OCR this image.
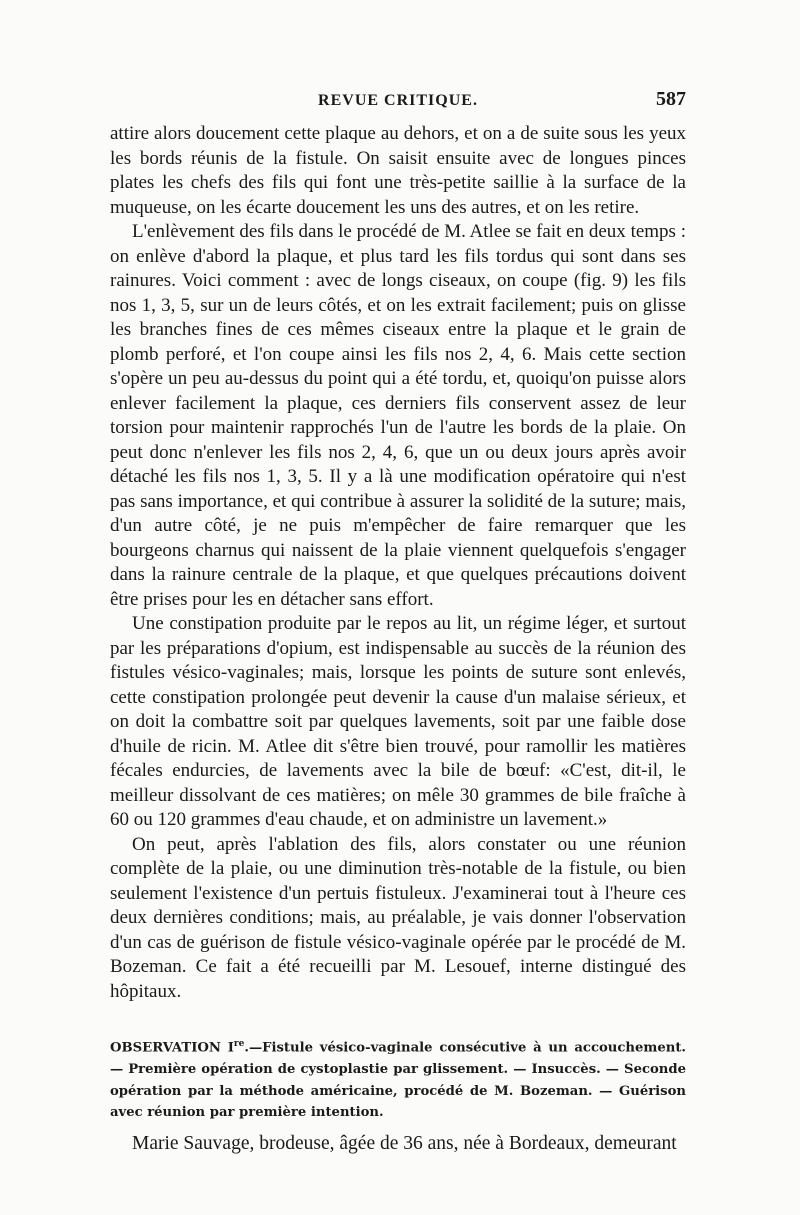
REVUE CRITIQUE.	587

attire alors doucement cette plaque au dehors, et on a de suite sous les yeux les bords réunis de la fistule. On saisit ensuite avec de longues pinces plates les chefs des fils qui font une très-petite saillie à la surface de la muqueuse, on les écarte doucement les uns des autres, et on les retire.

L'enlèvement des fils dans le procédé de M. Atlee se fait en deux temps : on enlève d'abord la plaque, et plus tard les fils tordus qui sont dans ses rainures. Voici comment : avec de longs ciseaux, on coupe (fig. 9) les fils nos 1, 3, 5, sur un de leurs côtés, et on les extrait facilement; puis on glisse les branches fines de ces mêmes ciseaux entre la plaque et le grain de plomb perforé, et l'on coupe ainsi les fils nos 2, 4, 6. Mais cette section s'opère un peu au-dessus du point qui a été tordu, et, quoiqu'on puisse alors enlever facilement la plaque, ces derniers fils conservent assez de leur torsion pour maintenir rapprochés l'un de l'autre les bords de la plaie. On peut donc n'enlever les fils nos 2, 4, 6, que un ou deux jours après avoir détaché les fils nos 1, 3, 5. Il y a là une modification opératoire qui n'est pas sans importance, et qui contribue à assurer la solidité de la suture; mais, d'un autre côté, je ne puis m'empêcher de faire remarquer que les bourgeons charnus qui naissent de la plaie viennent quelquefois s'engager dans la rainure centrale de la plaque, et que quelques précautions doivent être prises pour les en détacher sans effort.

Une constipation produite par le repos au lit, un régime léger, et surtout par les préparations d'opium, est indispensable au succès de la réunion des fistules vésico-vaginales; mais, lorsque les points de suture sont enlevés, cette constipation prolongée peut devenir la cause d'un malaise sérieux, et on doit la combattre soit par quelques lavements, soit par une faible dose d'huile de ricin. M. Atlee dit s'être bien trouvé, pour ramollir les matières fécales endurcies, de lavements avec la bile de bœuf: «C'est, dit-il, le meilleur dissolvant de ces matières; on mêle 30 grammes de bile fraîche à 60 ou 120 grammes d'eau chaude, et on administre un lavement.»

On peut, après l'ablation des fils, alors constater ou une réunion complète de la plaie, ou une diminution très-notable de la fistule, ou bien seulement l'existence d'un pertuis fistuleux. J'examinerai tout à l'heure ces deux dernières conditions; mais, au préalable, je vais donner l'observation d'un cas de guérison de fistule vésico-vaginale opérée par le procédé de M. Bozeman. Ce fait a été recueilli par M. Lesouef, interne distingué des hôpitaux.

OBSERVATION Ire.—Fistule vésico-vaginale consécutive à un accouchement. — Première opération de cystoplastie par glissement. — Insuccès. — Seconde opération par la méthode américaine, procédé de M. Bozeman. — Guérison avec réunion par première intention.
Marie Sauvage, brodeuse, âgée de 36 ans, née à Bordeaux, demeurant
